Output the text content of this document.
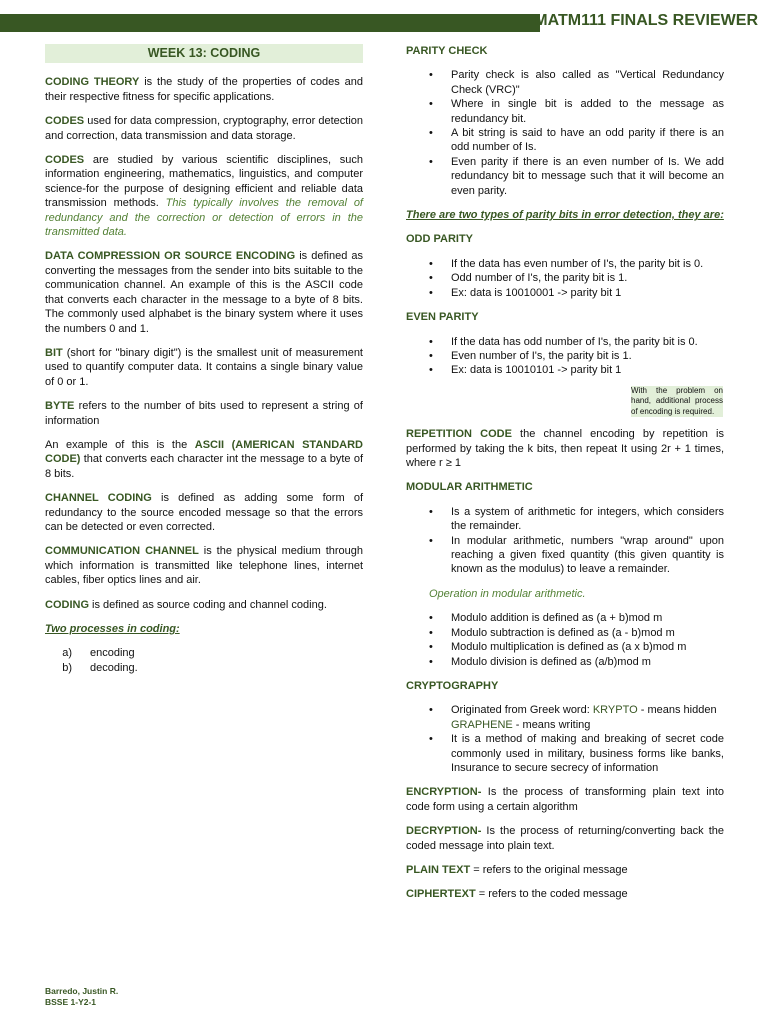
MATM111 FINALS REVIEWER
WEEK 13: CODING

CODING THEORY is the study of the properties of codes and their respective fitness for specific applications.

CODES used for data compression, cryptography, error detection and correction, data transmission and data storage.

CODES are studied by various scientific disciplines, such information engineering, mathematics, linguistics, and computer science-for the purpose of designing efficient and reliable data transmission methods. This typically involves the removal of redundancy and the correction or detection of errors in the transmitted data.

DATA COMPRESSION OR SOURCE ENCODING is defined as converting the messages from the sender into bits suitable to the communication channel. An example of this is the ASCII code that converts each character in the message to a byte of 8 bits. The commonly used alphabet is the binary system where it uses the numbers 0 and 1.

BIT (short for "binary digit") is the smallest unit of measurement used to quantify computer data. It contains a single binary value of 0 or 1.

BYTE refers to the number of bits used to represent a string of information

An example of this is the ASCII (AMERICAN STANDARD CODE) that converts each character int the message to a byte of 8 bits.

CHANNEL CODING is defined as adding some form of redundancy to the source encoded message so that the errors can be detected or even corrected.

COMMUNICATION CHANNEL is the physical medium through which information is transmitted like telephone lines, internet cables, fiber optics lines and air.

CODING is defined as source coding and channel coding.

Two processes in coding:

a)	encoding
b)	decoding.
PARITY CHECK
• Parity check is also called as "Vertical Redundancy Check (VRC)"
• Where in single bit is added to the message as redundancy bit.
• A bit string is said to have an odd parity if there is an odd number of Is.
• Even parity if there is an even number of Is. We add redundancy bit to message such that it will become an even parity.

There are two types of parity bits in error detection, they are:

ODD PARITY
• If the data has even number of I's, the parity bit is 0.
• Odd number of I's, the parity bit is 1.
• Ex: data is 10010001 -> parity bit 1
EVEN PARITY
• If the data has odd number of I's, the parity bit is 0.
• Even number of I's, the parity bit is 1.
• Ex: data is 10010101 -> parity bit 1
With the problem on hand, additional process of encoding is required.

REPETITION CODE the channel encoding by repetition is performed by taking the k bits, then repeat It using 2r + 1 times, where r ≥ 1

MODULAR ARITHMETIC
• Is a system of arithmetic for integers, which considers the remainder.
• In modular arithmetic, numbers "wrap around" upon reaching a given fixed quantity (this given quantity is known as the modulus) to leave a remainder.
Operation in modular arithmetic.
• Modulo addition is defined as (a + b)mod m
• Modulo subtraction is defined as (a - b)mod m
• Modulo multiplication is defined as (a x b)mod m
• Modulo division is defined as (a/b)mod m
CRYPTOGRAPHY
• Originated from Greek word: KRYPTO - means hidden GRAPHENE - means writing
• It is a method of making and breaking of secret code commonly used in military, business forms like banks, Insurance to secure secrecy of information

ENCRYPTION- Is the process of transforming plain text into code form using a certain algorithm

DECRYPTION- Is the process of returning/converting back the coded message into plain text.

PLAIN TEXT = refers to the original message

CIPHERTEXT = refers to the coded message

Barredo, Justin R.
BSSE 1-Y2-1
